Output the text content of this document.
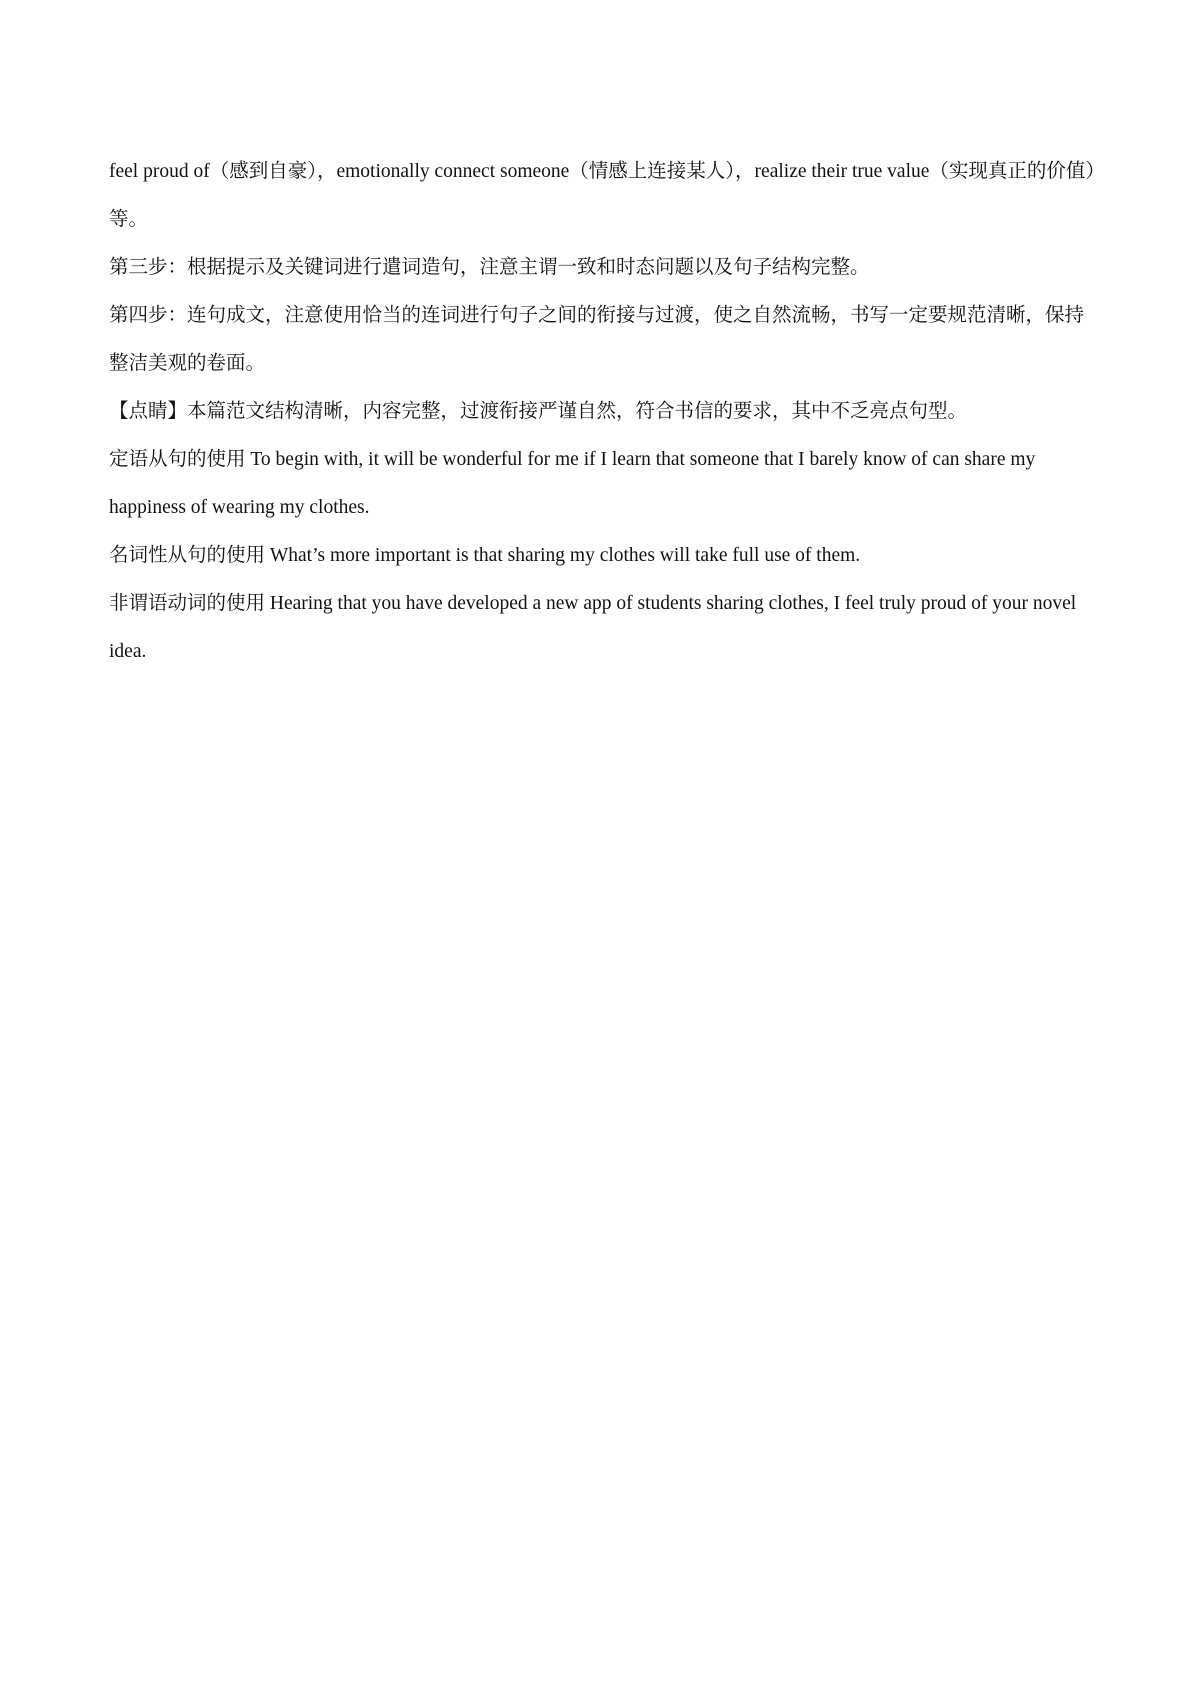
feel proud of（感到自豪），emotionally connect someone（情感上连接某人），realize their true value（实现真正的价值）等。

第三步：根据提示及关键词进行遣词造句，注意主谓一致和时态问题以及句子结构完整。

第四步：连句成文，注意使用恰当的连词进行句子之间的衔接与过渡，使之自然流畅，书写一定要规范清晰，保持整洁美观的卷面。

【点睛】本篇范文结构清晰，内容完整，过渡衔接严谨自然，符合书信的要求，其中不乏亮点句型。

定语从句的使用 To begin with, it will be wonderful for me if I learn that someone that I barely know of can share my happiness of wearing my clothes.

名词性从句的使用 What’s more important is that sharing my clothes will take full use of them.

非谓语动词的使用 Hearing that you have developed a new app of students sharing clothes, I feel truly proud of your novel idea.
